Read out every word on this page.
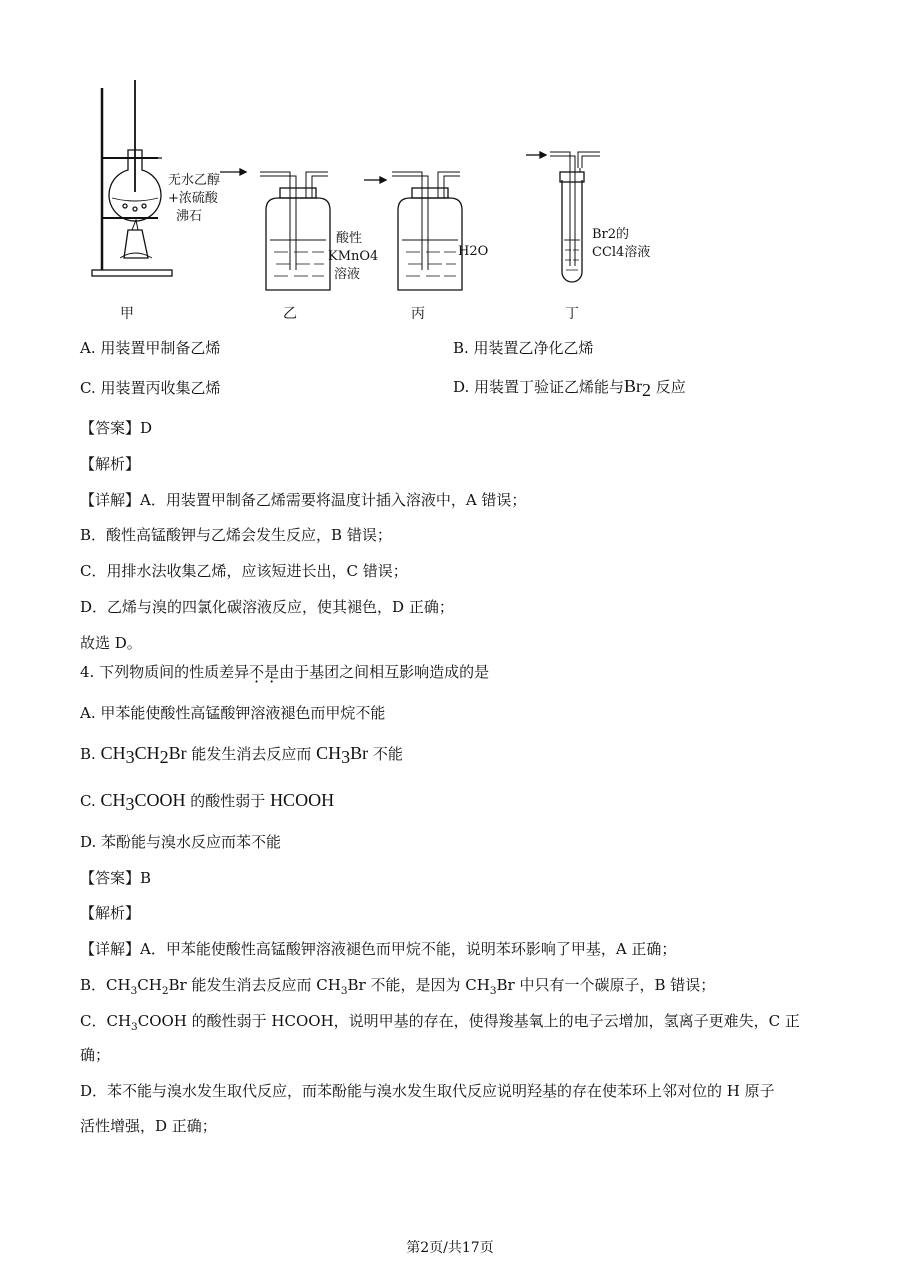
无水乙醇
+浓硫酸
沸石
酸性
KMnO4
溶液
H2O
Br2的
CCl4溶液
甲	乙	丙	丁
A. 用装置甲制备乙烯	B. 用装置乙净化乙烯
C. 用装置丙收集乙烯	D. 用装置丁验证乙烯能与$Br_2$ 反应
【答案】D
【解析】
【详解】A．用装置甲制备乙烯需要将温度计插入溶液中，A 错误；
B．酸性高锰酸钾与乙烯会发生反应，B 错误；
C．用排水法收集乙烯，应该短进长出，C 错误；
D．乙烯与溴的四氯化碳溶液反应，使其褪色，D 正确；
故选 D。
4. 下列物质间的性质差异不是由于基团之间相互影响造成的是
A. 甲苯能使酸性高锰酸钾溶液褪色而甲烷不能
B. $CH_3CH_2Br$ 能发生消去反应而 $CH_3Br$ 不能
C. $CH_3COOH$ 的酸性弱于 HCOOH
D. 苯酚能与溴水反应而苯不能
【答案】B
【解析】
【详解】A．甲苯能使酸性高锰酸钾溶液褪色而甲烷不能，说明苯环影响了甲基，A 正确；
B．$CH_3CH_2Br$ 能发生消去反应而 $CH_3Br$ 不能，是因为 $CH_3Br$ 中只有一个碳原子，B 错误；
C．$CH_3COOH$ 的酸性弱于 HCOOH，说明甲基的存在，使得羧基氧上的电子云增加，氢离子更难失，C 正
确；
D．苯不能与溴水发生取代反应，而苯酚能与溴水发生取代反应说明羟基的存在使苯环上邻对位的 H 原子
活性增强，D 正确；
第2页/共17页
